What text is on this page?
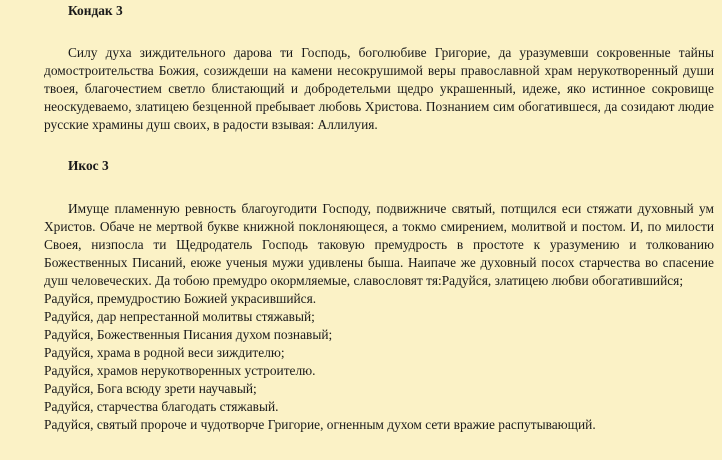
Кондак 3

Силу духа зиждительного дарова ти Господь, боголюбиве Григорие, да уразумевши сокровенные тайны домостроительства Божия, созиждеши на камени несокрушимой веры православной храм нерукотворенный души твоея, благочестием светло блистающий и добродетельми щедро украшенный, идеже, яко истинное сокровище неоскудеваемо, златицею безценной пребывает любовь Христова. Познанием сим обогатившеся, да созидают людие русские храмины душ своих, в радости взывая: Аллилуия.

Икос 3

Имуще пламенную ревность благоугодити Господу, подвижниче святый, потщился еси стяжати духовный ум Христов. Обаче не мертвой букве книжной поклоняющеся, а токмо смирением, молитвой и постом. И, по милости Своея, низпосла ти Щедродатель Господь таковую премудрость в простоте к уразумению и толкованию Божественных Писаний, еюже ученыя мужи удивлены быша. Наипаче же духовный посох старчества во спасение душ человеческих. Да тобою премудро окормляемые, славословят тя:Радуйся, златицею любви обогатившийся;

Радуйся, премудростию Божией украсившийся.
Радуйся, дар непрестанной молитвы стяжавый;
Радуйся, Божественныя Писания духом познавый;
Радуйся, храма в родной веси зиждителю;
Радуйся, храмов нерукотворенных устроителю.
Радуйся, Бога всюду зрети научавый;
Радуйся, старчества благодать стяжавый.
Радуйся, святый пророче и чудотворче Григорие, огненным духом сети вражие распутывающий.
